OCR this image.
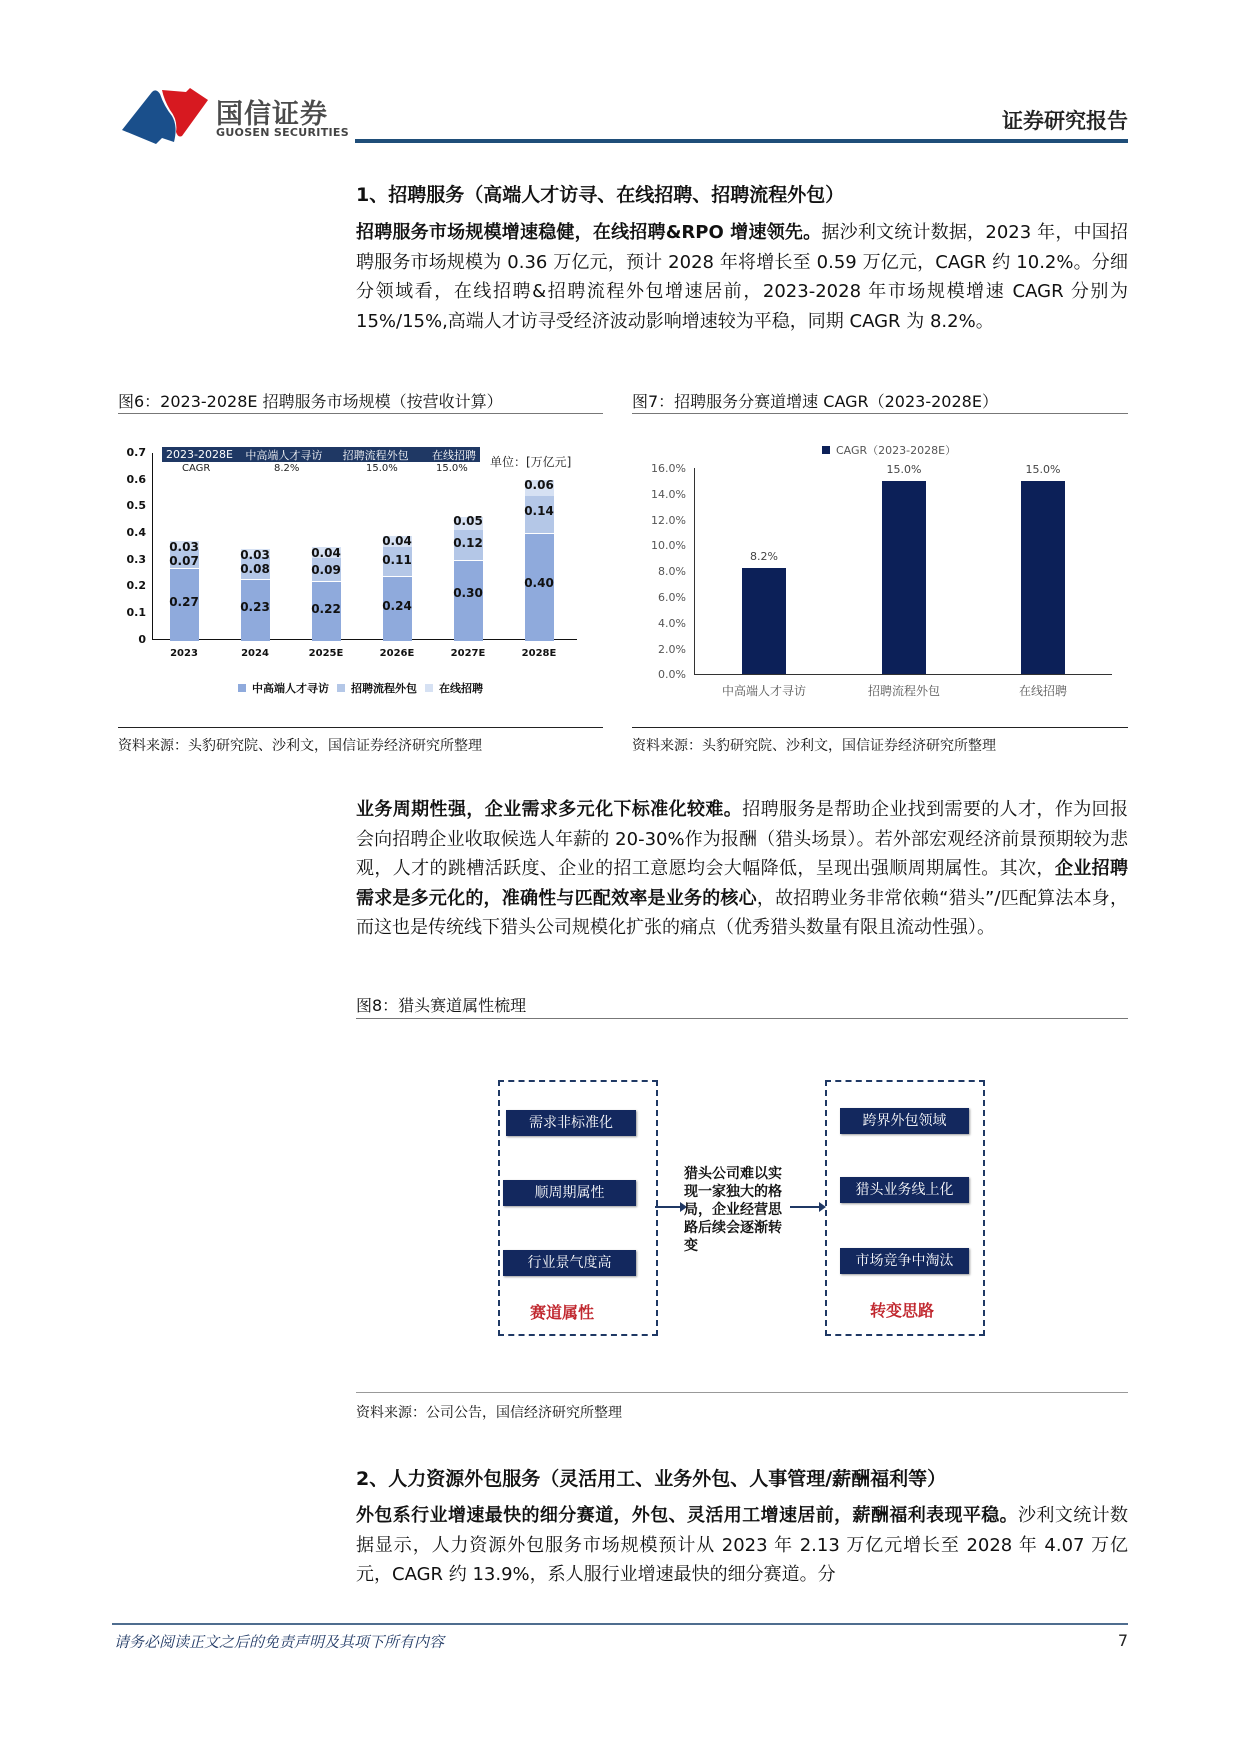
国信证券
GUOSEN SECURITIES	证券研究报告
1、招聘服务（高端人才访寻、在线招聘、招聘流程外包）
招聘服务市场规模增速稳健，在线招聘&RPO 增速领先。据沙利文统计数据，2023 年，中国招聘服务市场规模为 0.36 万亿元，预计 2028 年将增长至 0.59 万亿元，CAGR 约 10.2%。分细分领域看，在线招聘&招聘流程外包增速居前，2023-2028 年市场规模增速 CAGR 分别为 15%/15%,高端人才访寻受经济波动影响增速较为平稳，同期 CAGR 为 8.2%。
图6：2023-2028E 招聘服务市场规模（按营收计算）
2023-2028E	中高端人才寻访	招聘流程外包	在线招聘
CAGR	8.2%	15.0%	15.0% 单位：[万亿元]
0.7
0.6
0.5
0.4
0.3
0.2
0.1
0
0.03
0.07
0.27
0.03
0.08
0.23
0.04
0.09
0.22
0.04
0.11
0.24
0.05
0.12
0.30
0.06
0.14
0.40
2023	2024	2025E	2026E	2027E	2028E
中高端人才寻访 招聘流程外包 在线招聘
资料来源：头豹研究院、沙利文，国信证券经济研究所整理
图7：招聘服务分赛道增速 CAGR（2023-2028E）
CAGR（2023-2028E）
16.0%
14.0%
12.0%
10.0%
8.0%
6.0%
4.0%
2.0%
0.0%
8.2%
15.0%	15.0%
中高端人才寻访	招聘流程外包	在线招聘
资料来源：头豹研究院、沙利文，国信证券经济研究所整理
业务周期性强，企业需求多元化下标准化较难。招聘服务是帮助企业找到需要的人才，作为回报会向招聘企业收取候选人年薪的 20-30%作为报酬（猎头场景）。若外部宏观经济前景预期较为悲观，人才的跳槽活跃度、企业的招工意愿均会大幅降低，呈现出强顺周期属性。其次，企业招聘需求是多元化的，准确性与匹配效率是业务的核心，故招聘业务非常依赖“猎头”/匹配算法本身，而这也是传统线下猎头公司规模化扩张的痛点（优秀猎头数量有限且流动性强）。
图8：猎头赛道属性梳理
需求非标准化
顺周期属性
行业景气度高
赛道属性
猎头公司难以实现一家独大的格局，企业经营思路后续会逐渐转变
跨界外包领域
猎头业务线上化
市场竞争中淘汰
转变思路
资料来源：公司公告，国信经济研究所整理
2、人力资源外包服务（灵活用工、业务外包、人事管理/薪酬福利等）
外包系行业增速最快的细分赛道，外包、灵活用工增速居前，薪酬福利表现平稳。沙利文统计数据显示，人力资源外包服务市场规模预计从 2023 年 2.13 万亿元增长至 2028 年 4.07 万亿元，CAGR 约 13.9%，系人服行业增速最快的细分赛道。分
请务必阅读正文之后的免责声明及其项下所有内容	7
